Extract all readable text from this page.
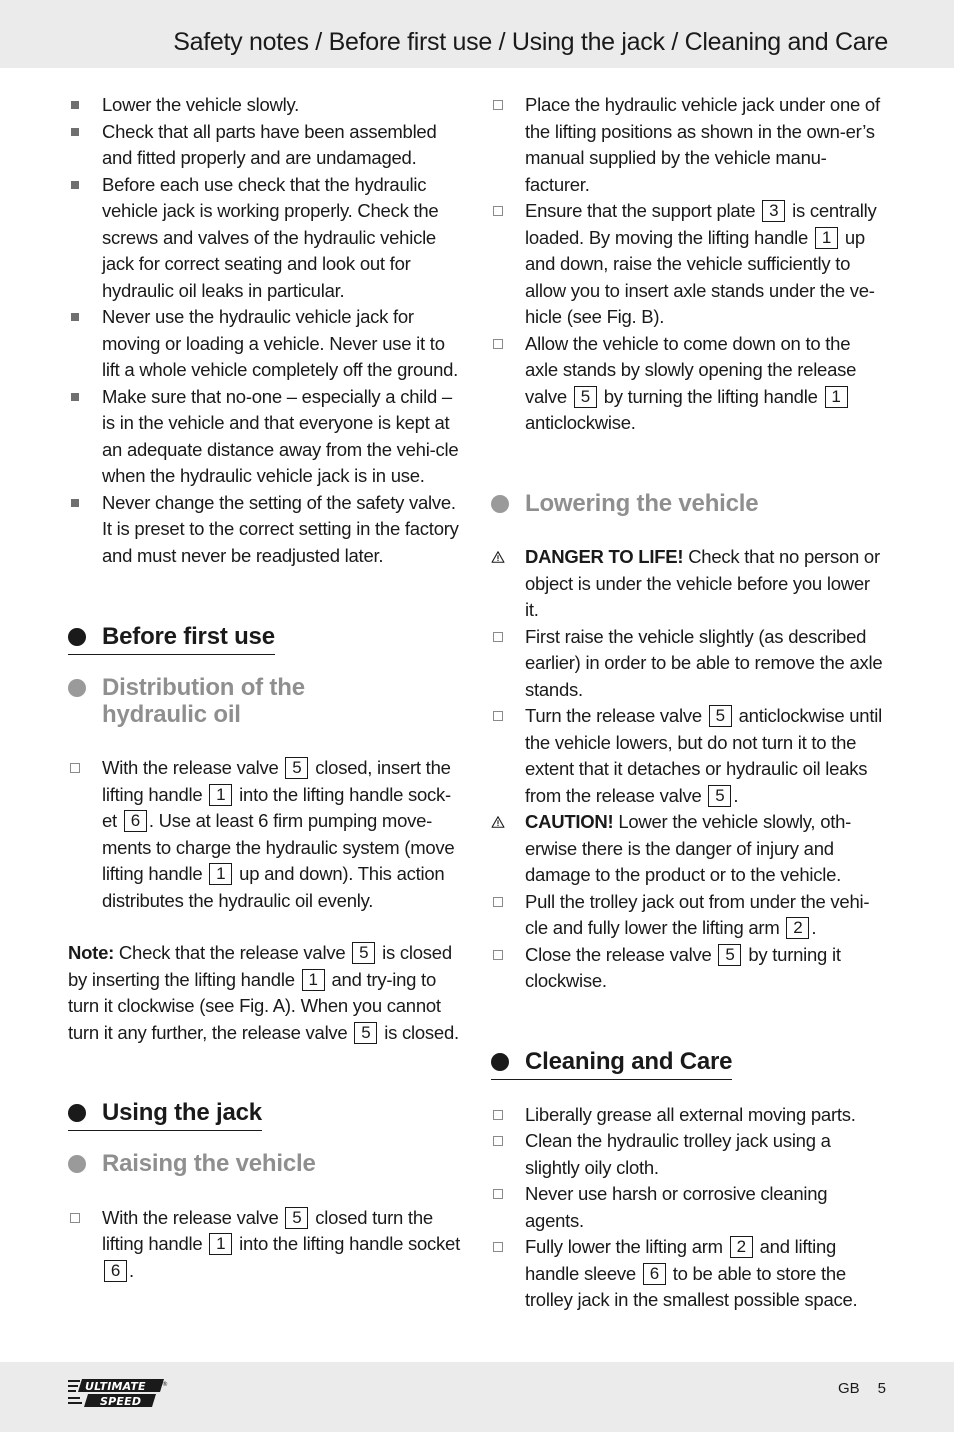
Safety notes / Before first use / Using the jack / Cleaning and Care
Lower the vehicle slowly.
Check that all parts have been assembled and fitted properly and are undamaged.
Before each use check that the hydraulic vehicle jack is working properly. Check the screws and valves of the hydraulic vehicle jack for correct seating and look out for hydraulic oil leaks in particular.
Never use the hydraulic vehicle jack for moving or loading a vehicle. Never use it to lift a whole vehicle completely off the ground.
Make sure that no-one – especially a child – is in the vehicle and that everyone is kept at an adequate distance away from the vehi-cle when the hydraulic vehicle jack is in use.
Never change the setting of the safety valve. It is preset to the correct setting in the factory and must never be readjusted later.
Before first use
Distribution of the hydraulic oil
With the release valve 5 closed, insert the lifting handle 1 into the lifting handle sock-et 6 . Use at least 6 firm pumping move-ments to charge the hydraulic system (move lifting handle 1 up and down). This action distributes the hydraulic oil evenly.
Note: Check that the release valve 5 is closed by inserting the lifting handle 1 and try-ing to turn it clockwise (see Fig. A). When you cannot turn it any further, the release valve 5 is closed.
Using the jack
Raising the vehicle
With the release valve 5 closed turn the lifting handle 1 into the lifting handle socket 6 .
Place the hydraulic vehicle jack under one of the lifting positions as shown in the own-er’s manual supplied by the vehicle manu-facturer.
Ensure that the support plate 3 is centrally loaded. By moving the lifting handle 1 up and down, raise the vehicle sufficiently to allow you to insert axle stands under the ve-hicle (see Fig. B).
Allow the vehicle to come down on to the axle stands by slowly opening the release valve 5 by turning the lifting handle 1 anticlockwise.
Lowering the vehicle
DANGER TO LIFE! Check that no person or object is under the vehicle before you lower it.
First raise the vehicle slightly (as described earlier) in order to be able to remove the axle stands.
Turn the release valve 5 anticlockwise until the vehicle lowers, but do not turn it to the extent that it detaches or hydraulic oil leaks from the release valve 5 .
CAUTION! Lower the vehicle slowly, oth-erwise there is the danger of injury and damage to the product or to the vehicle.
Pull the trolley jack out from under the vehi-cle and fully lower the lifting arm 2 .
Close the release valve 5 by turning it clockwise.
Cleaning and Care
Liberally grease all external moving parts.
Clean the hydraulic trolley jack using a slightly oily cloth.
Never use harsh or corrosive cleaning agents.
Fully lower the lifting arm 2 and lifting handle sleeve 6 to be able to store the trolley jack in the smallest possible space.
ULTIMATE
SPEED
®	GB 5
